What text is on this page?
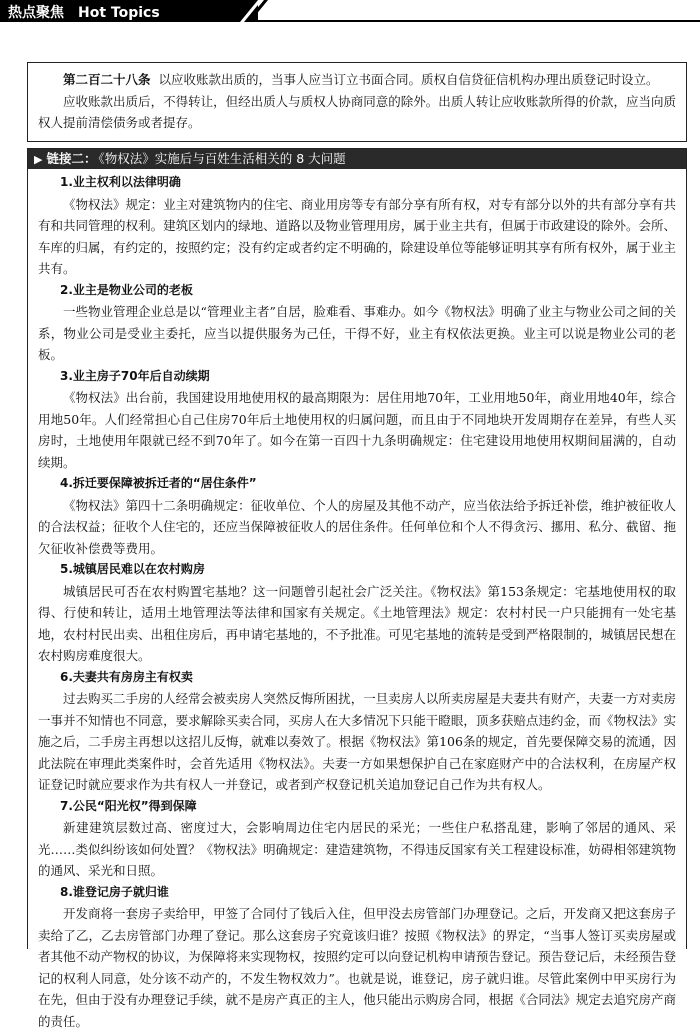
热点聚焦 Hot Topics

第二百二十八条 以应收账款出质的，当事人应当订立书面合同。质权自信贷征信机构办理出质登记时设立。

应收账款出质后，不得转让，但经出质人与质权人协商同意的除外。出质人转让应收账款所得的价款，应当向质权人提前清偿债务或者提存。

▶ 链接二： 《物权法》实施后与百姓生活相关的 8 大问题
1.业主权利以法律明确

《物权法》规定：业主对建筑物内的住宅、商业用房等专有部分享有所有权，对专有部分以外的共有部分享有共有和共同管理的权利。建筑区划内的绿地、道路以及物业管理用房，属于业主共有，但属于市政建设的除外。会所、车库的归属，有约定的，按照约定；没有约定或者约定不明确的，除建设单位等能够证明其享有所有权外，属于业主共有。

2.业主是物业公司的老板

一些物业管理企业总是以“管理业主者”自居，脸难看、事难办。如今《物权法》明确了业主与物业公司之间的关系，物业公司是受业主委托，应当以提供服务为己任，干得不好，业主有权依法更换。业主可以说是物业公司的老板。

3.业主房子70年后自动续期

《物权法》出台前，我国建设用地使用权的最高期限为：居住用地70年，工业用地50年，商业用地40年，综合用地50年。人们经常担心自己住房70年后土地使用权的归属问题，而且由于不同地块开发周期存在差异，有些人买房时，土地使用年限就已经不到70年了。如今在第一百四十九条明确规定：住宅建设用地使用权期间届满的，自动续期。

4.拆迁要保障被拆迁者的“居住条件”

《物权法》第四十二条明确规定：征收单位、个人的房屋及其他不动产，应当依法给予拆迁补偿，维护被征收人的合法权益；征收个人住宅的，还应当保障被征收人的居住条件。任何单位和个人不得贪污、挪用、私分、截留、拖欠征收补偿费等费用。

5.城镇居民难以在农村购房

城镇居民可否在农村购置宅基地？这一问题曾引起社会广泛关注。《物权法》第153条规定：宅基地使用权的取得、行使和转让，适用土地管理法等法律和国家有关规定。《土地管理法》规定：农村村民一户只能拥有一处宅基地，农村村民出卖、出租住房后，再申请宅基地的，不予批准。可见宅基地的流转是受到严格限制的，城镇居民想在农村购房难度很大。

6.夫妻共有房房主有权卖

过去购买二手房的人经常会被卖房人突然反悔所困扰，一旦卖房人以所卖房屋是夫妻共有财产，夫妻一方对卖房一事并不知情也不同意，要求解除买卖合同，买房人在大多情况下只能干瞪眼，顶多获赔点违约金，而《物权法》实施之后，二手房主再想以这招儿反悔，就难以奏效了。根据《物权法》第106条的规定，首先要保障交易的流通，因此法院在审理此类案件时，会首先适用《物权法》。夫妻一方如果想保护自己在家庭财产中的合法权利，在房屋产权证登记时就应要求作为共有权人一并登记，或者到产权登记机关追加登记自己作为共有权人。

7.公民“阳光权”得到保障

新建建筑层数过高、密度过大，会影响周边住宅内居民的采光；一些住户私搭乱建，影响了邻居的通风、采光……类似纠纷该如何处置？《物权法》明确规定：建造建筑物，不得违反国家有关工程建设标准，妨碍相邻建筑物的通风、采光和日照。

8.谁登记房子就归谁

开发商将一套房子卖给甲，甲签了合同付了钱后入住，但甲没去房管部门办理登记。之后，开发商又把这套房子卖给了乙，乙去房管部门办理了登记。那么这套房子究竟该归谁？按照《物权法》的界定，“当事人签订买卖房屋或者其他不动产物权的协议，为保障将来实现物权，按照约定可以向登记机构申请预告登记。预告登记后，未经预告登记的权利人同意，处分该不动产的，不发生物权效力”。也就是说，谁登记，房子就归谁。尽管此案例中甲买房行为在先，但由于没有办理登记手续，就不是房产真正的主人，他只能出示购房合同，根据《合同法》规定去追究房产商的责任。
